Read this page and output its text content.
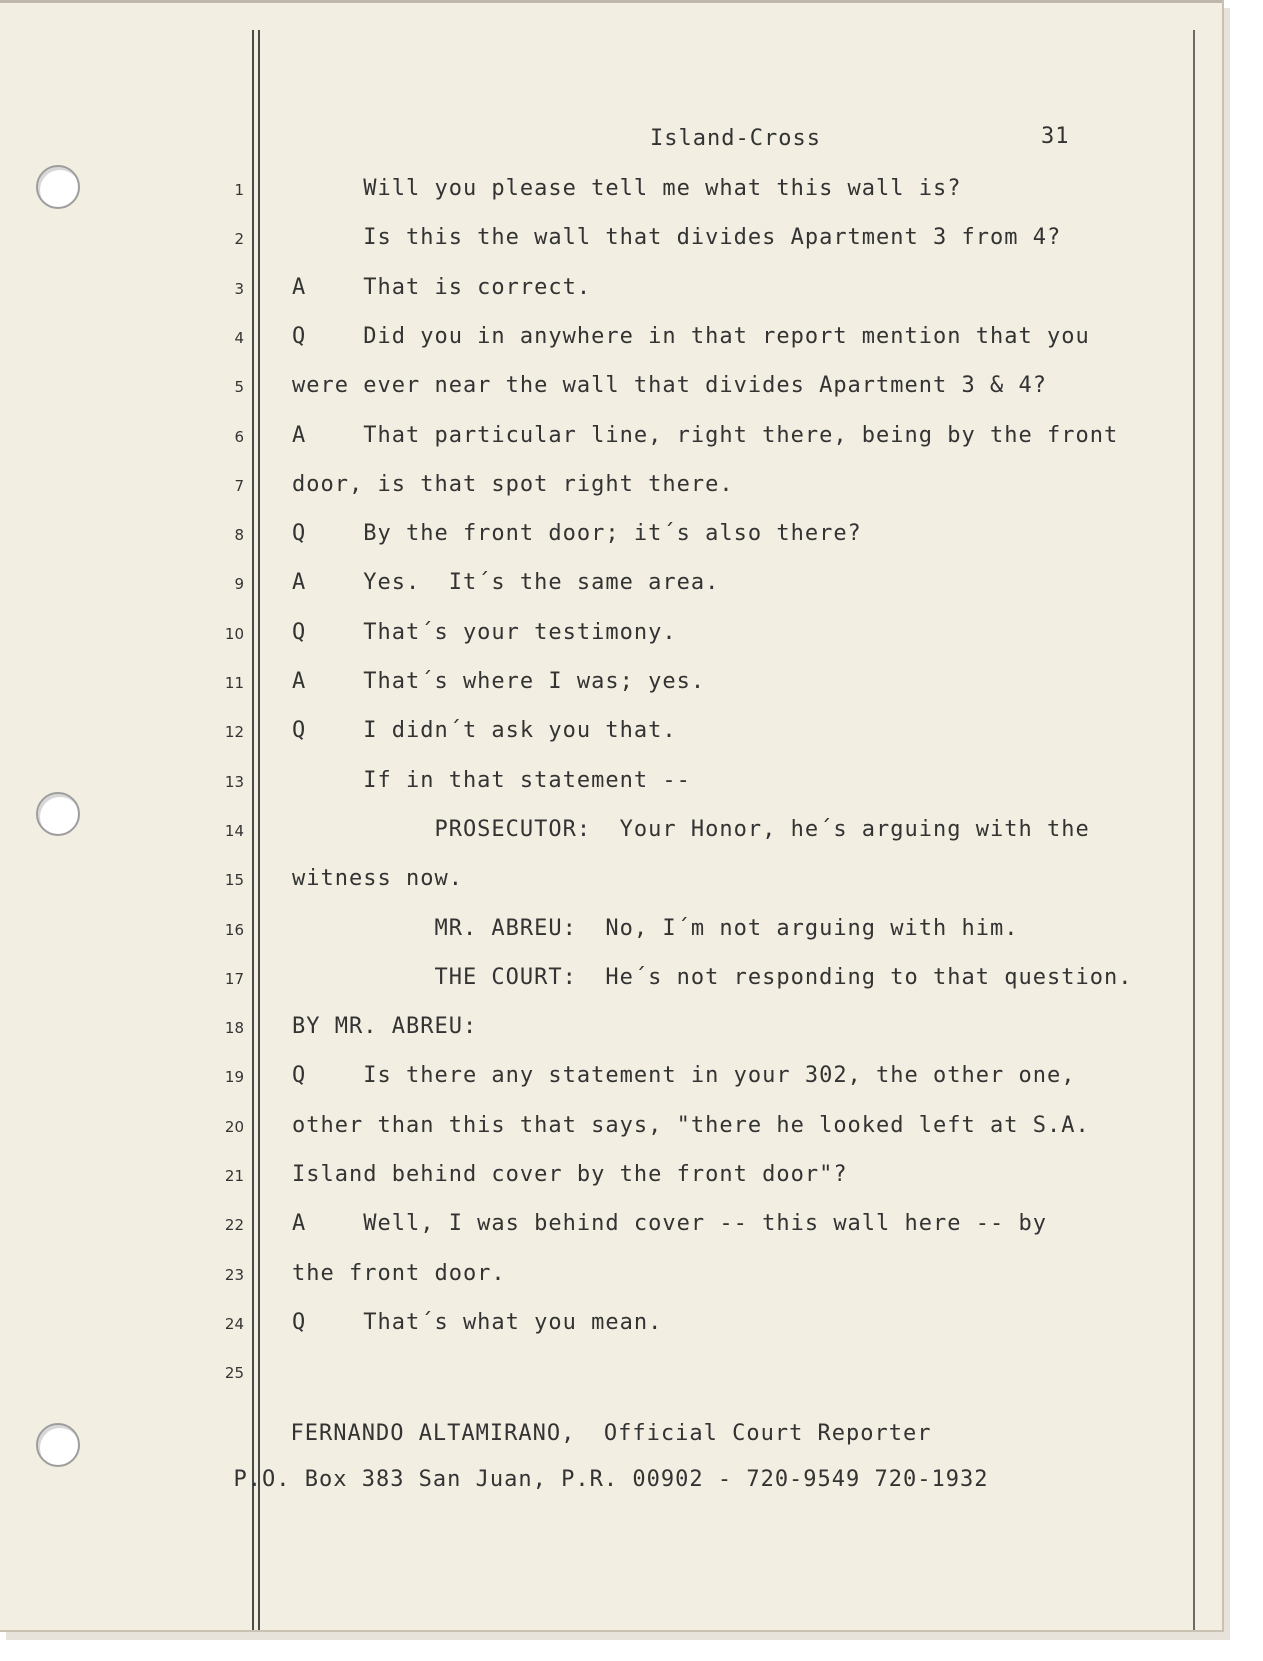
Island-Cross	31
1 Will you please tell me what this wall is?
2 Is this the wall that divides Apartment 3 from 4?
3 A    That is correct.
4 Q    Did you in anywhere in that report mention that you
5 were ever near the wall that divides Apartment 3 & 4?
6 A    That particular line, right there, being by the front
7 door, is that spot right there.
8 Q    By the front door; it´s also there?
9 A    Yes.  It´s the same area.
10 Q    That´s your testimony.
11 A    That´s where I was; yes.
12 Q    I didn´t ask you that.
13 If in that statement --
14 PROSECUTOR:  Your Honor, he´s arguing with the
15 witness now.
16 MR. ABREU:  No, I´m not arguing with him.
17 THE COURT:  He´s not responding to that question.
18 BY MR. ABREU:
19 Q    Is there any statement in your 302, the other one,
20 other than this that says, "there he looked left at S.A.
21 Island behind cover by the front door"?
22 A    Well, I was behind cover -- this wall here -- by
23 the front door.
24 Q    That´s what you mean.
25
FERNANDO ALTAMIRANO,  Official Court Reporter
P.O. Box 383 San Juan, P.R. 00902 - 720-9549 720-1932
